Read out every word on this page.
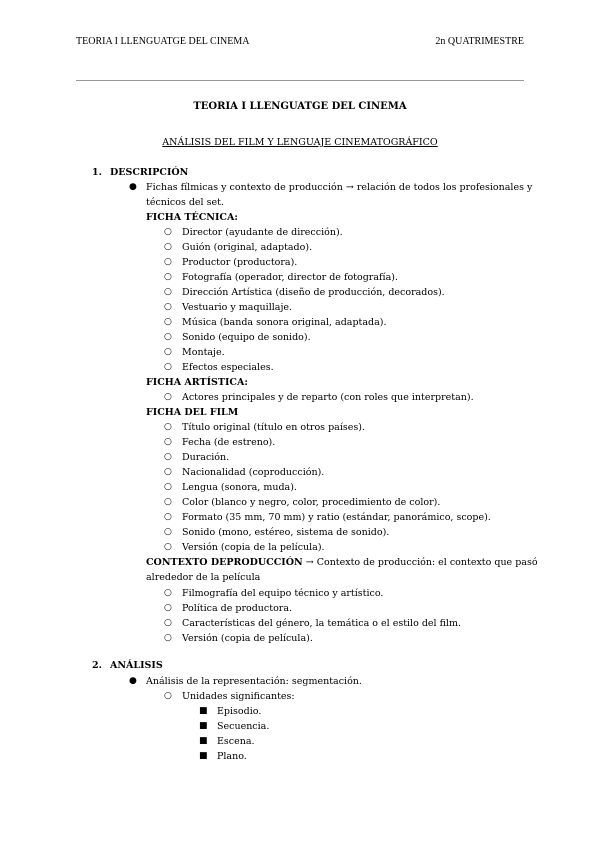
TEORIA I LLENGUATGE DEL CINEMA	2n QUATRIMESTRE
TEORIA I LLENGUATGE DEL CINEMA
ANÁLISIS DEL FILM Y LENGUAJE CINEMATOGRÁFICO
1. DESCRIPCIÓN
● Fichas fílmicas y contexto de producción → relación de todos los profesionales y
técnicos del set.
FICHA TÉCNICA:
○ Director (ayudante de dirección).
○ Guión (original, adaptado).
○ Productor (productora).
○ Fotografía (operador, director de fotografía).
○ Dirección Artística (diseño de producción, decorados).
○ Vestuario y maquillaje.
○ Música (banda sonora original, adaptada).
○ Sonido (equipo de sonido).
○ Montaje.
○ Efectos especiales.
FICHA ARTÍSTICA:
○ Actores principales y de reparto (con roles que interpretan).
FICHA DEL FILM
○ Título original (título en otros países).
○ Fecha (de estreno).
○ Duración.
○ Nacionalidad (coproducción).
○ Lengua (sonora, muda).
○ Color (blanco y negro, color, procedimiento de color).
○ Formato (35 mm, 70 mm) y ratio (estándar, panorámico, scope).
○ Sonido (mono, estéreo, sistema de sonido).
○ Versión (copia de la película).
CONTEXTO DEPRODUCCIÓN → Contexto de producción: el contexto que pasó
alrededor de la película
○ Filmografía del equipo técnico y artístico.
○ Política de productora.
○ Características del género, la temática o el estilo del film.
○ Versión (copia de película).
2. ANÁLISIS
● Análisis de la representación: segmentación.
○ Unidades significantes:
■ Episodio.
■ Secuencia.
■ Escena.
■ Plano.
